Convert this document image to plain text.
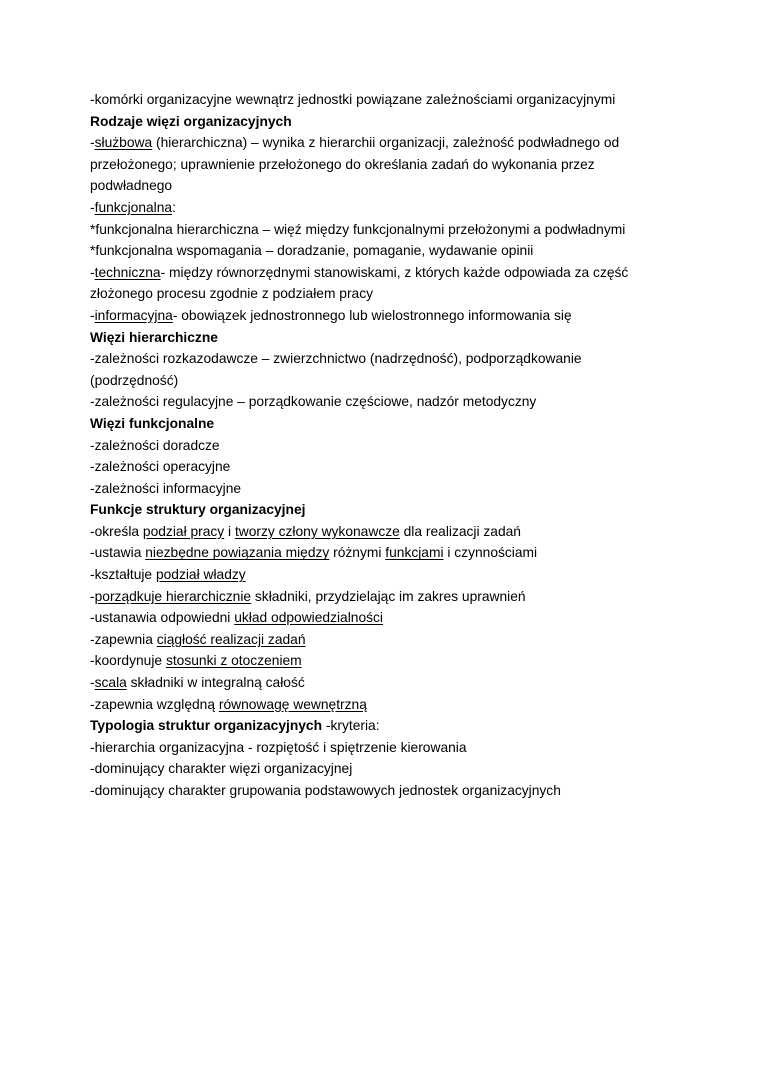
-komórki organizacyjne wewnątrz jednostki powiązane zależnościami organizacyjnymi

Rodzaje więzi organizacyjnych

-służbowa (hierarchiczna) – wynika z hierarchii organizacji, zależność podwładnego od przełożonego; uprawnienie przełożonego do określania zadań do wykonania przez podwładnego

-funkcjonalna:

*funkcjonalna hierarchiczna – więź między funkcjonalnymi przełożonymi a podwładnymi

*funkcjonalna wspomagania – doradzanie, pomaganie, wydawanie opinii

-techniczna- między równorzędnymi stanowiskami, z których każde odpowiada za część złożonego procesu zgodnie z podziałem pracy

-informacyjna- obowiązek jednostronnego lub wielostronnego informowania się

Więzi hierarchiczne

-zależności rozkazodawcze – zwierzchnictwo (nadrzędność), podporządkowanie (podrzędność)

-zależności regulacyjne – porządkowanie częściowe, nadzór metodyczny

Więzi funkcjonalne

-zależności doradcze

-zależności operacyjne

-zależności informacyjne

Funkcje struktury organizacyjnej

-określa podział pracy i tworzy człony wykonawcze dla realizacji zadań

-ustawia niezbędne powiązania między różnymi funkcjami i czynnościami

-kształtuje podział władzy

-porządkuje hierarchicznie składniki, przydzielając im zakres uprawnień

-ustanawia odpowiedni układ odpowiedzialności

-zapewnia ciągłość realizacji zadań

-koordynuje stosunki z otoczeniem

-scala składniki w integralną całość

-zapewnia względną równowagę wewnętrzną

Typologia struktur organizacyjnych -kryteria:

-hierarchia organizacyjna - rozpiętość i spiętrzenie kierowania

-dominujący charakter więzi organizacyjnej

-dominujący charakter grupowania podstawowych jednostek organizacyjnych
